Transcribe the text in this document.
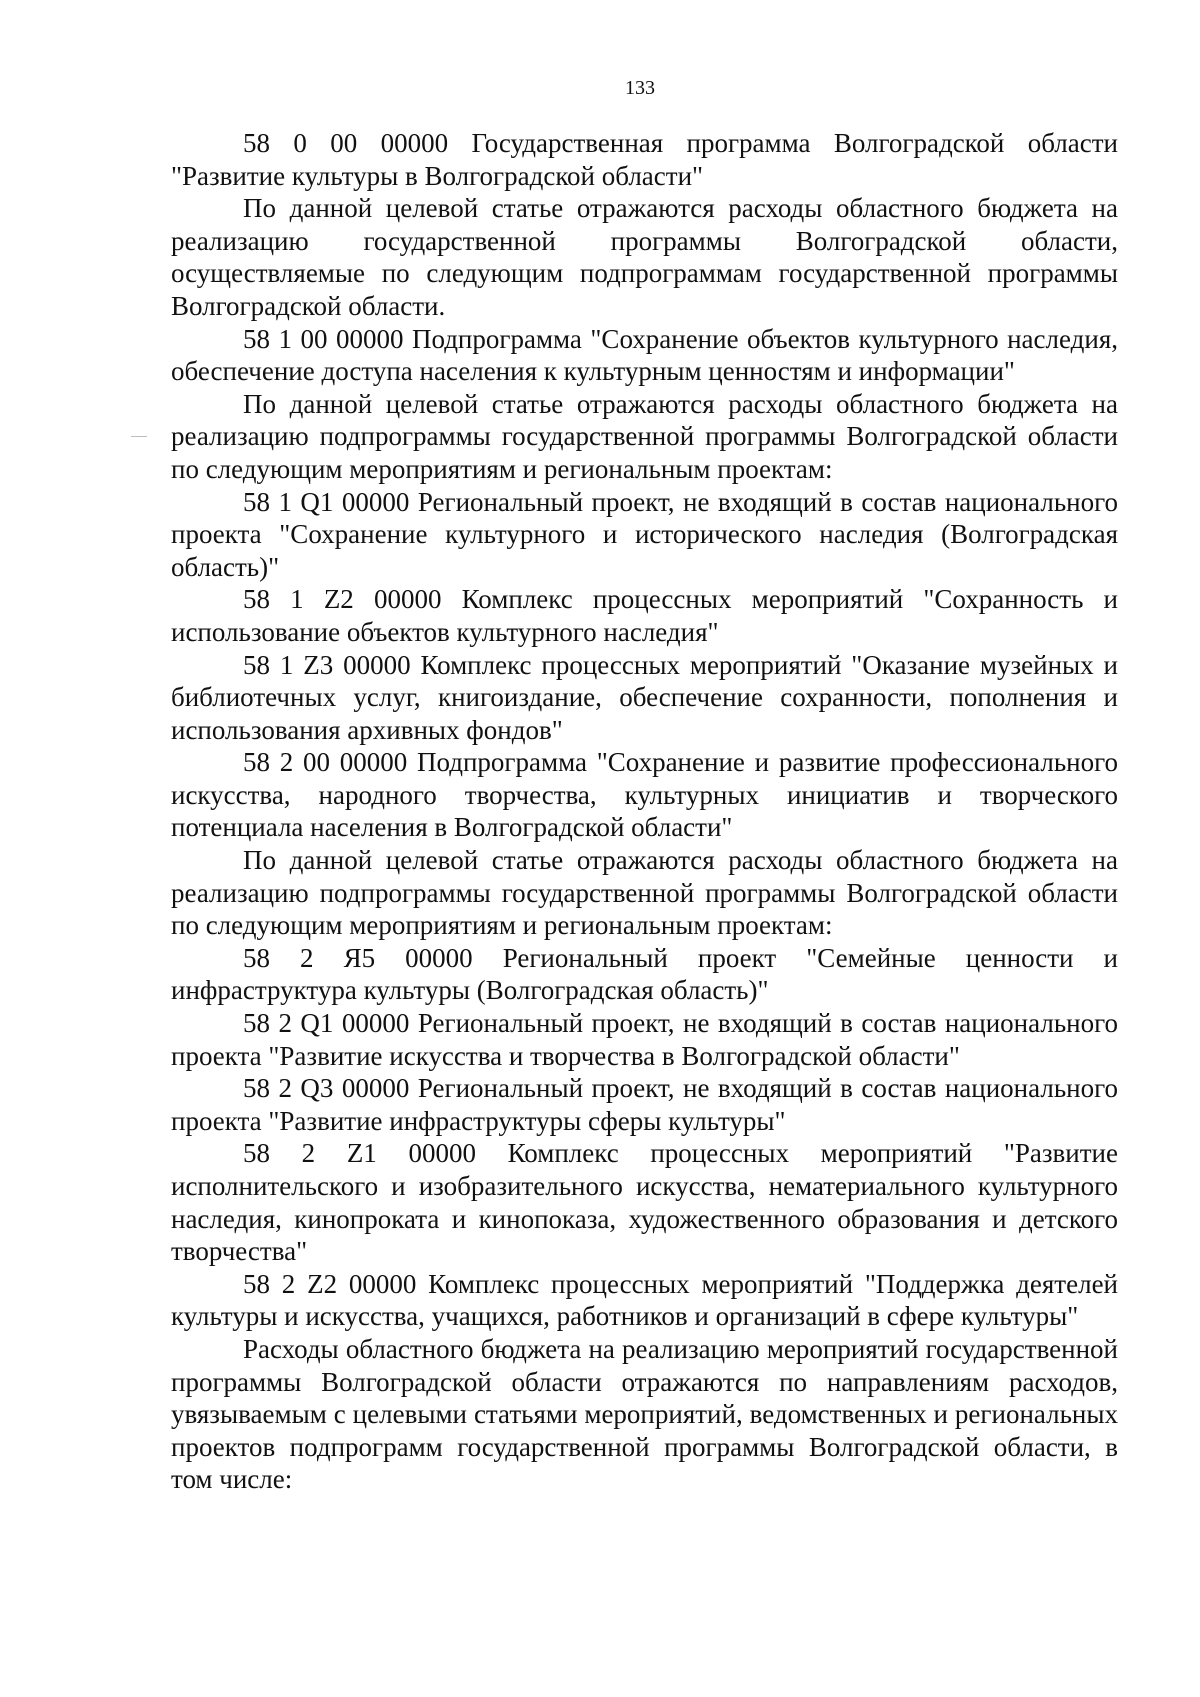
133

58 0 00 00000 Государственная программа Волгоградской области "Развитие культуры в Волгоградской области"

По данной целевой статье отражаются расходы областного бюджета на реализацию государственной программы Волгоградской области, осуществляемые по следующим подпрограммам государственной программы Волгоградской области.

58 1 00 00000 Подпрограмма "Сохранение объектов культурного наследия, обеспечение доступа населения к культурным ценностям и информации"

По данной целевой статье отражаются расходы областного бюджета на реализацию подпрограммы государственной программы Волгоградской области по следующим мероприятиям и региональным проектам:

58 1 Q1 00000 Региональный проект, не входящий в состав национального проекта "Сохранение культурного и исторического наследия (Волгоградская область)"

58 1 Z2 00000 Комплекс процессных мероприятий "Сохранность и использование объектов культурного наследия"

58 1 Z3 00000 Комплекс процессных мероприятий "Оказание музейных и библиотечных услуг, книгоиздание, обеспечение сохранности, пополнения и использования архивных фондов"

58 2 00 00000 Подпрограмма "Сохранение и развитие профессионального искусства, народного творчества, культурных инициатив и творческого потенциала населения в Волгоградской области"

По данной целевой статье отражаются расходы областного бюджета на реализацию подпрограммы государственной программы Волгоградской области по следующим мероприятиям и региональным проектам:

58 2 Я5 00000 Региональный проект "Семейные ценности и инфраструктура культуры (Волгоградская область)"

58 2 Q1 00000 Региональный проект, не входящий в состав национального проекта "Развитие искусства и творчества в Волгоградской области"

58 2 Q3 00000 Региональный проект, не входящий в состав национального проекта "Развитие инфраструктуры сферы культуры"

58 2 Z1 00000 Комплекс процессных мероприятий "Развитие исполнительского и изобразительного искусства, нематериального культурного наследия, кинопроката и кинопоказа, художественного образования и детского творчества"

58 2 Z2 00000 Комплекс процессных мероприятий "Поддержка деятелей культуры и искусства, учащихся, работников и организаций в сфере культуры"

Расходы областного бюджета на реализацию мероприятий государственной программы Волгоградской области отражаются по направлениям расходов, увязываемым с целевыми статьями мероприятий, ведомственных и региональных проектов подпрограмм государственной программы Волгоградской области, в том числе:
